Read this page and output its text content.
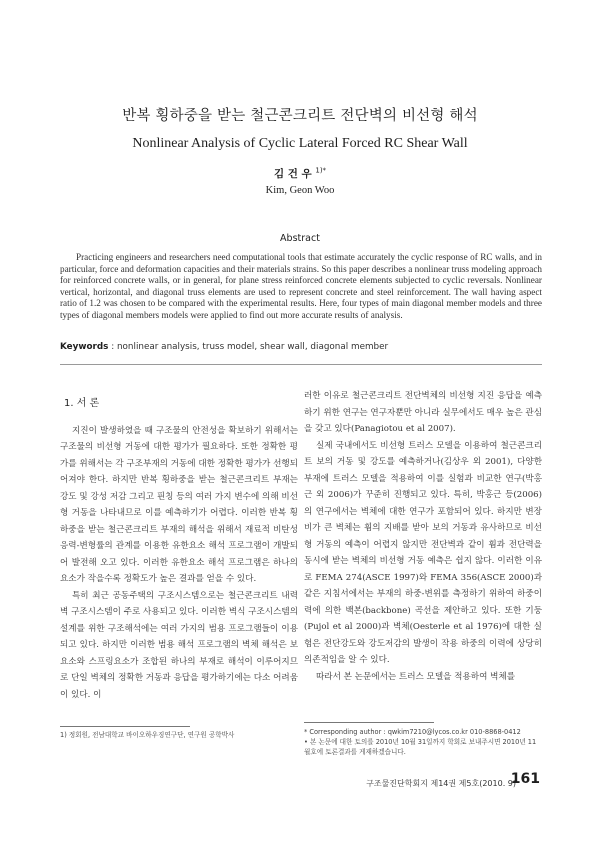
반복 횡하중을 받는 철근콘크리트 전단벽의 비선형 해석
Nonlinear Analysis of Cyclic Lateral Forced RC Shear Wall
김 건 우 $^{1)*}$
Kim, Geon Woo
Abstract
Practicing engineers and researchers need computational tools that estimate accurately the cyclic response of RC walls, and in particular, force and deformation capacities and their materials strains. So this paper describes a nonlinear truss modeling approach for reinforced concrete walls, or in general, for plane stress reinforced concrete elements subjected to cyclic reversals. Nonlinear vertical, horizontal, and diagonal truss elements are used to represent concrete and steel reinforcement. The wall having aspect ratio of 1.2 was chosen to be compared with the experimental results. Here, four types of main diagonal member models and three types of diagonal members models were applied to find out more accurate results of analysis.
Keywords : nonlinear analysis, truss model, shear wall, diagonal member

1. 서 론

지진이 발생하였을 때 구조물의 안전성을 확보하기 위해서는 구조물의 비선형 거동에 대한 평가가 필요하다. 또한 정확한 평가를 위해서는 각 구조부재의 거동에 대한 정확한 평가가 선행되어져야 한다. 하지만 반복 횡하중을 받는 철근콘크리트 부재는 강도 및 강성 저감 그리고 핀칭 등의 여러 가지 변수에 의해 비선형 거동을 나타내므로 이를 예측하기가 어렵다. 이러한 반복 횡하중을 받는 철근콘크리트 부재의 해석을 위해서 재료적 비탄성 응력-변형률의 관계를 이용한 유한요소 해석 프로그램이 개발되어 발전해 오고 있다. 이러한 유한요소 해석 프로그램은 하나의 요소가 작을수록 정확도가 높은 결과를 얻을 수 있다.

특히 최근 공동주택의 구조시스템으로는 철근콘크리트 내력벽 구조시스템이 주로 사용되고 있다. 이러한 벽식 구조시스템의 설계를 위한 구조해석에는 여러 가지의 범용 프로그램들이 이용되고 있다. 하지만 이러한 범용 해석 프로그램의 벽체 해석은 보요소와 스프링요소가 조합된 하나의 부재로 해석이 이루어지므로 단일 벽체의 정확한 거동과 응답을 평가하기에는 다소 어려움이 있다. 이

러한 이유로 철근콘크리트 전단벽체의 비선형 지진 응답을 예측하기 위한 연구는 연구자뿐만 아니라 실무에서도 매우 높은 관심을 갖고 있다(Panagiotou et al 2007).

실제 국내에서도 비선형 트러스 모델을 이용하여 철근콘크리트 보의 거동 및 강도를 예측하거나(김상우 외 2001), 다양한 부재에 트러스 모델을 적용하여 이를 실험과 비교한 연구(박홍근 외 2006)가 꾸준히 진행되고 있다. 특히, 박홍근 등(2006)의 연구에서는 벽체에 대한 연구가 포함되어 있다. 하지만 변장비가 큰 벽체는 휨의 지배를 받아 보의 거동과 유사하므로 비선형 거동의 예측이 어렵지 않지만 전단벽과 같이 휨과 전단력을 동시에 받는 벽체의 비선형 거동 예측은 쉽지 않다. 이러한 이유로 FEMA 274(ASCE 1997)와 FEMA 356(ASCE 2000)과 같은 지침서에서는 부재의 하중-변위를 측정하기 위하여 하중이력에 의한 백본(backbone) 곡선을 제안하고 있다. 또한 기둥(Pujol et al 2000)과 벽체(Oesterle et al 1976)에 대한 실험은 전단강도와 강도저감의 발생이 작용 하중의 이력에 상당히 의존적임을 알 수 있다.

따라서 본 논문에서는 트러스 모델을 적용하여 벽체를

1) 정회원, 전남대학교 바이오하우징연구단, 연구원 공학박사	* Corresponding author : qwkim7210@lycos.co.kr 010-8868-0412
• 본 논문에 대한 토의를 2010년 10월 31일까지 학회로 보내주시면 2010년 11월호에 토론결과를 게재하겠습니다.
구조물진단학회지 제14권 제5호(2010. 9)
161
